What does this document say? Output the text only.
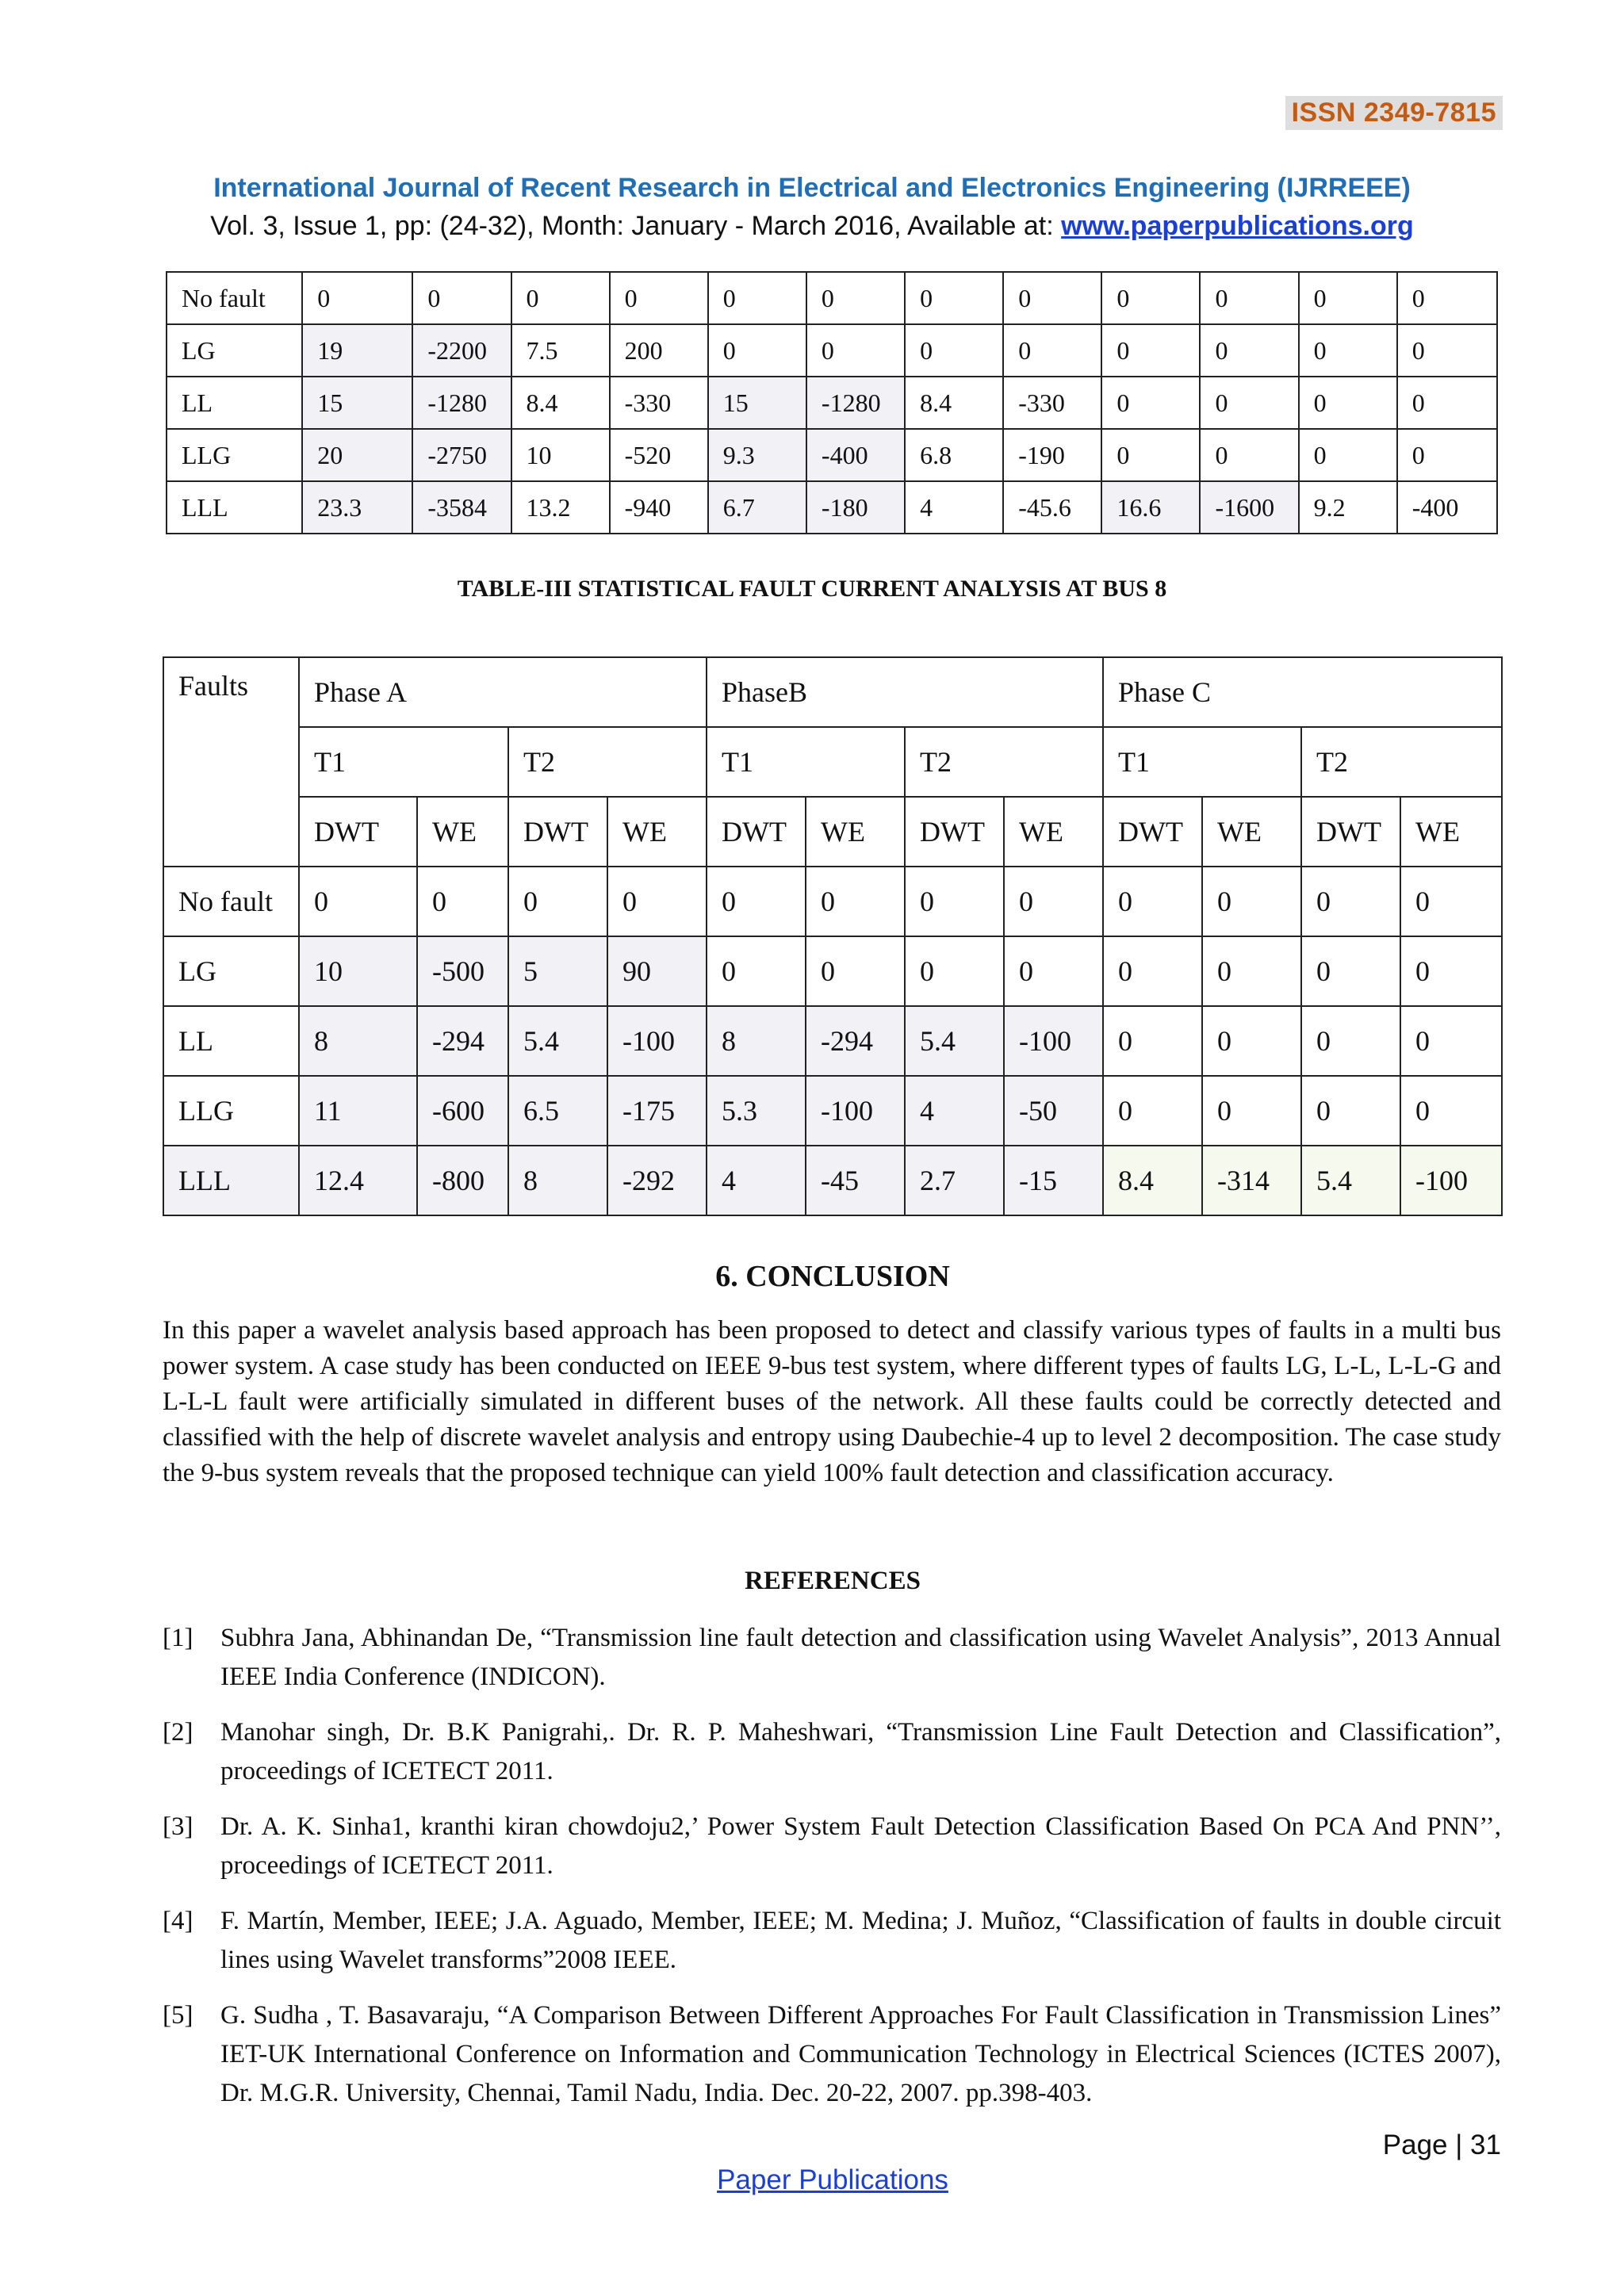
ISSN 2349-7815
International Journal of Recent Research in Electrical and Electronics Engineering (IJRREEE)
Vol. 3, Issue 1, pp: (24-32), Month: January - March 2016, Available at: www.paperpublications.org
No fault	0	0	0	0	0	0	0	0	0	0	0	0
LG	19	-2200	7.5	200	0	0	0	0	0	0	0	0
LL	15	-1280	8.4	-330	15	-1280	8.4	-330	0	0	0	0
LLG	20	-2750	10	-520	9.3	-400	6.8	-190	0	0	0	0
LLL	23.3	-3584	13.2	-940	6.7	-180	4	-45.6	16.6	-1600	9.2	-400
TABLE-III STATISTICAL FAULT CURRENT ANALYSIS AT BUS 8
Faults	Phase A				PhaseB				Phase C			
	T1		T2		T1		T2		T1		T2	
	DWT	WE	DWT	WE	DWT	WE	DWT	WE	DWT	WE	DWT	WE
No fault	0	0	0	0	0	0	0	0	0	0	0	0
LG	10	-500	5	90	0	0	0	0	0	0	0	0
LL	8	-294	5.4	-100	8	-294	5.4	-100	0	0	0	0
LLG	11	-600	6.5	-175	5.3	-100	4	-50	0	0	0	0
LLL	12.4	-800	8	-292	4	-45	2.7	-15	8.4	-314	5.4	-100
6. CONCLUSION
In this paper a wavelet analysis based approach has been proposed to detect and classify various types of faults in a multi bus power system. A case study has been conducted on IEEE 9-bus test system, where different types of faults LG, L-L, L-L-G and L-L-L fault were artificially simulated in different buses of the network. All these faults could be correctly detected and classified with the help of discrete wavelet analysis and entropy using Daubechie-4 up to level 2 decomposition. The case study the 9-bus system reveals that the proposed technique can yield 100% fault detection and classification accuracy.
REFERENCES
[1] Subhra Jana, Abhinandan De, “Transmission line fault detection and classification using Wavelet Analysis”, 2013 Annual IEEE India Conference (INDICON).
[2] Manohar singh, Dr. B.K Panigrahi,. Dr. R. P. Maheshwari, “Transmission Line Fault Detection and Classification”, proceedings of ICETECT 2011.
[3] Dr. A. K. Sinha1, kranthi kiran chowdoju2,’ Power System Fault Detection Classification Based On PCA And PNN’’, proceedings of ICETECT 2011.
[4] F. Martín, Member, IEEE; J.A. Aguado, Member, IEEE; M. Medina; J. Muñoz, “Classification of faults in double circuit lines using Wavelet transforms”2008 IEEE.
[5] G. Sudha , T. Basavaraju, “A Comparison Between Different Approaches For Fault Classification in Transmission Lines” IET-UK International Conference on Information and Communication Technology in Electrical Sciences (ICTES 2007), Dr. M.G.R. University, Chennai, Tamil Nadu, India. Dec. 20-22, 2007. pp.398-403.
Page | 31
Paper Publications
